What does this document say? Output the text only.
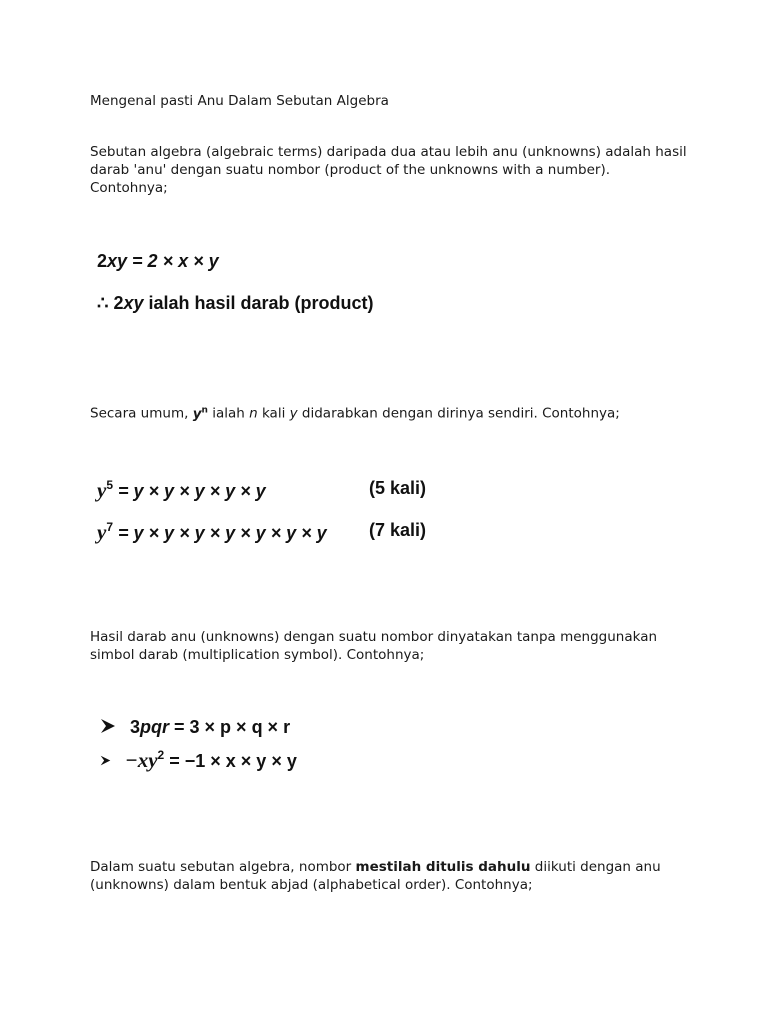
Mengenal pasti Anu Dalam Sebutan Algebra

Sebutan algebra (algebraic terms) daripada dua atau lebih anu (unknowns) adalah hasil darab 'anu' dengan suatu nombor (product of the unknowns with a number). Contohnya;

2xy = 2 × x × y
∴ 2xy ialah hasil darab (product)

Secara umum, $y^n$ ialah n kali y didarabkan dengan dirinya sendiri. Contohnya;

$y^5 = y \times y \times y \times y \times y$	(5 kali)
$y^7 = y \times y \times y \times y \times y \times y \times y$ (7 kali)

Hasil darab anu (unknowns) dengan suatu nombor dinyatakan tanpa menggunakan simbol darab (multiplication symbol). Contohnya;

3pqr = 3 × p × q × r
$-xy^2 = -1 \times x \times y \times y$

Dalam suatu sebutan algebra, nombor mestilah ditulis dahulu diikuti dengan anu (unknowns) dalam bentuk abjad (alphabetical order). Contohnya;
